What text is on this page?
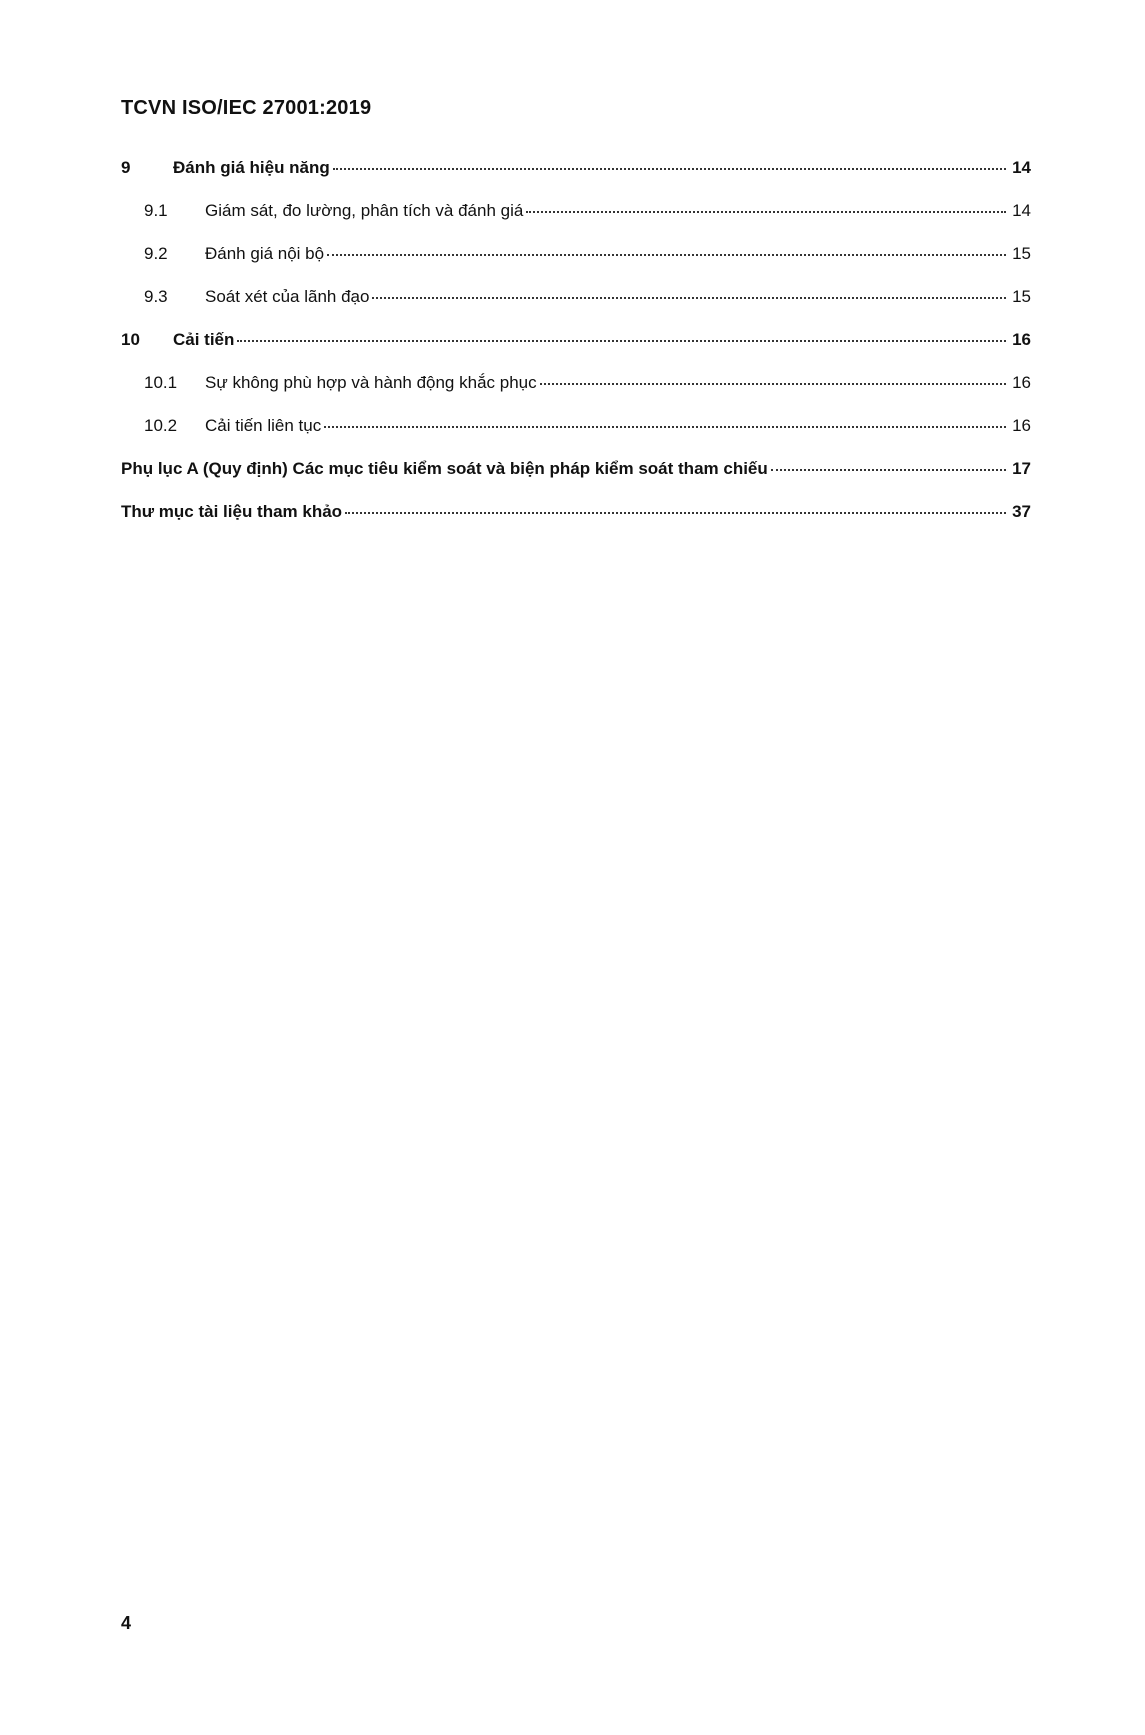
TCVN ISO/IEC 27001:2019
9	Đánh giá hiệu năng	14
9.1	Giám sát, đo lường, phân tích và đánh giá	14
9.2	Đánh giá nội bộ	15
9.3	Soát xét của lãnh đạo	15
10	Cải tiến	16
10.1	Sự không phù hợp và hành động khắc phục	16
10.2	Cải tiến liên tục	16
Phụ lục A (Quy định) Các mục tiêu kiểm soát và biện pháp kiểm soát tham chiếu	17
Thư mục tài liệu tham khảo	37
4
